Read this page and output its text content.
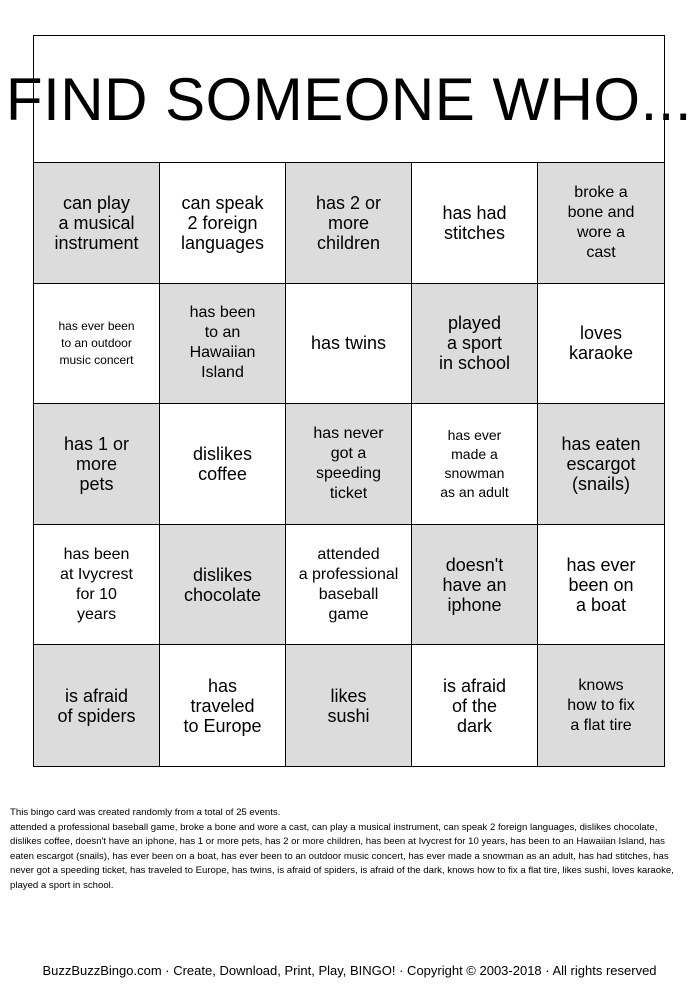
FIND SOMEONE WHO...
can play
a musical
instrument
can speak
2 foreign
languages
has 2 or
more
children
has had
stitches
broke a
bone and
wore a
cast
has ever been
to an outdoor
music concert
has been
to an
Hawaiian
Island
has twins
played
a sport
in school
loves
karaoke
has 1 or
more
pets
dislikes
coffee
has never
got a
speeding
ticket
has ever
made a
snowman
as an adult
has eaten
escargot
(snails)
has been
at Ivycrest
for 10
years
dislikes
chocolate
attended
a professional
baseball
game
doesn't
have an
iphone
has ever
been on
a boat
is afraid
of spiders
has
traveled
to Europe
likes
sushi
is afraid
of the
dark
knows
how to fix
a flat tire

This bingo card was created randomly from a total of 25 events.

attended a professional baseball game, broke a bone and wore a cast, can play a musical instrument, can speak 2 foreign languages, dislikes chocolate, dislikes coffee, doesn't have an iphone, has 1 or more pets, has 2 or more children, has been at Ivycrest for 10 years, has been to an Hawaiian Island, has eaten escargot (snails), has ever been on a boat, has ever been to an outdoor music concert, has ever made a snowman as an adult, has had stitches, has never got a speeding ticket, has traveled to Europe, has twins, is afraid of spiders, is afraid of the dark, knows how to fix a flat tire, likes sushi, loves karaoke, played a sport in school.

BuzzBuzzBingo.com · Create, Download, Print, Play, BINGO! · Copyright © 2003-2018 · All rights reserved
